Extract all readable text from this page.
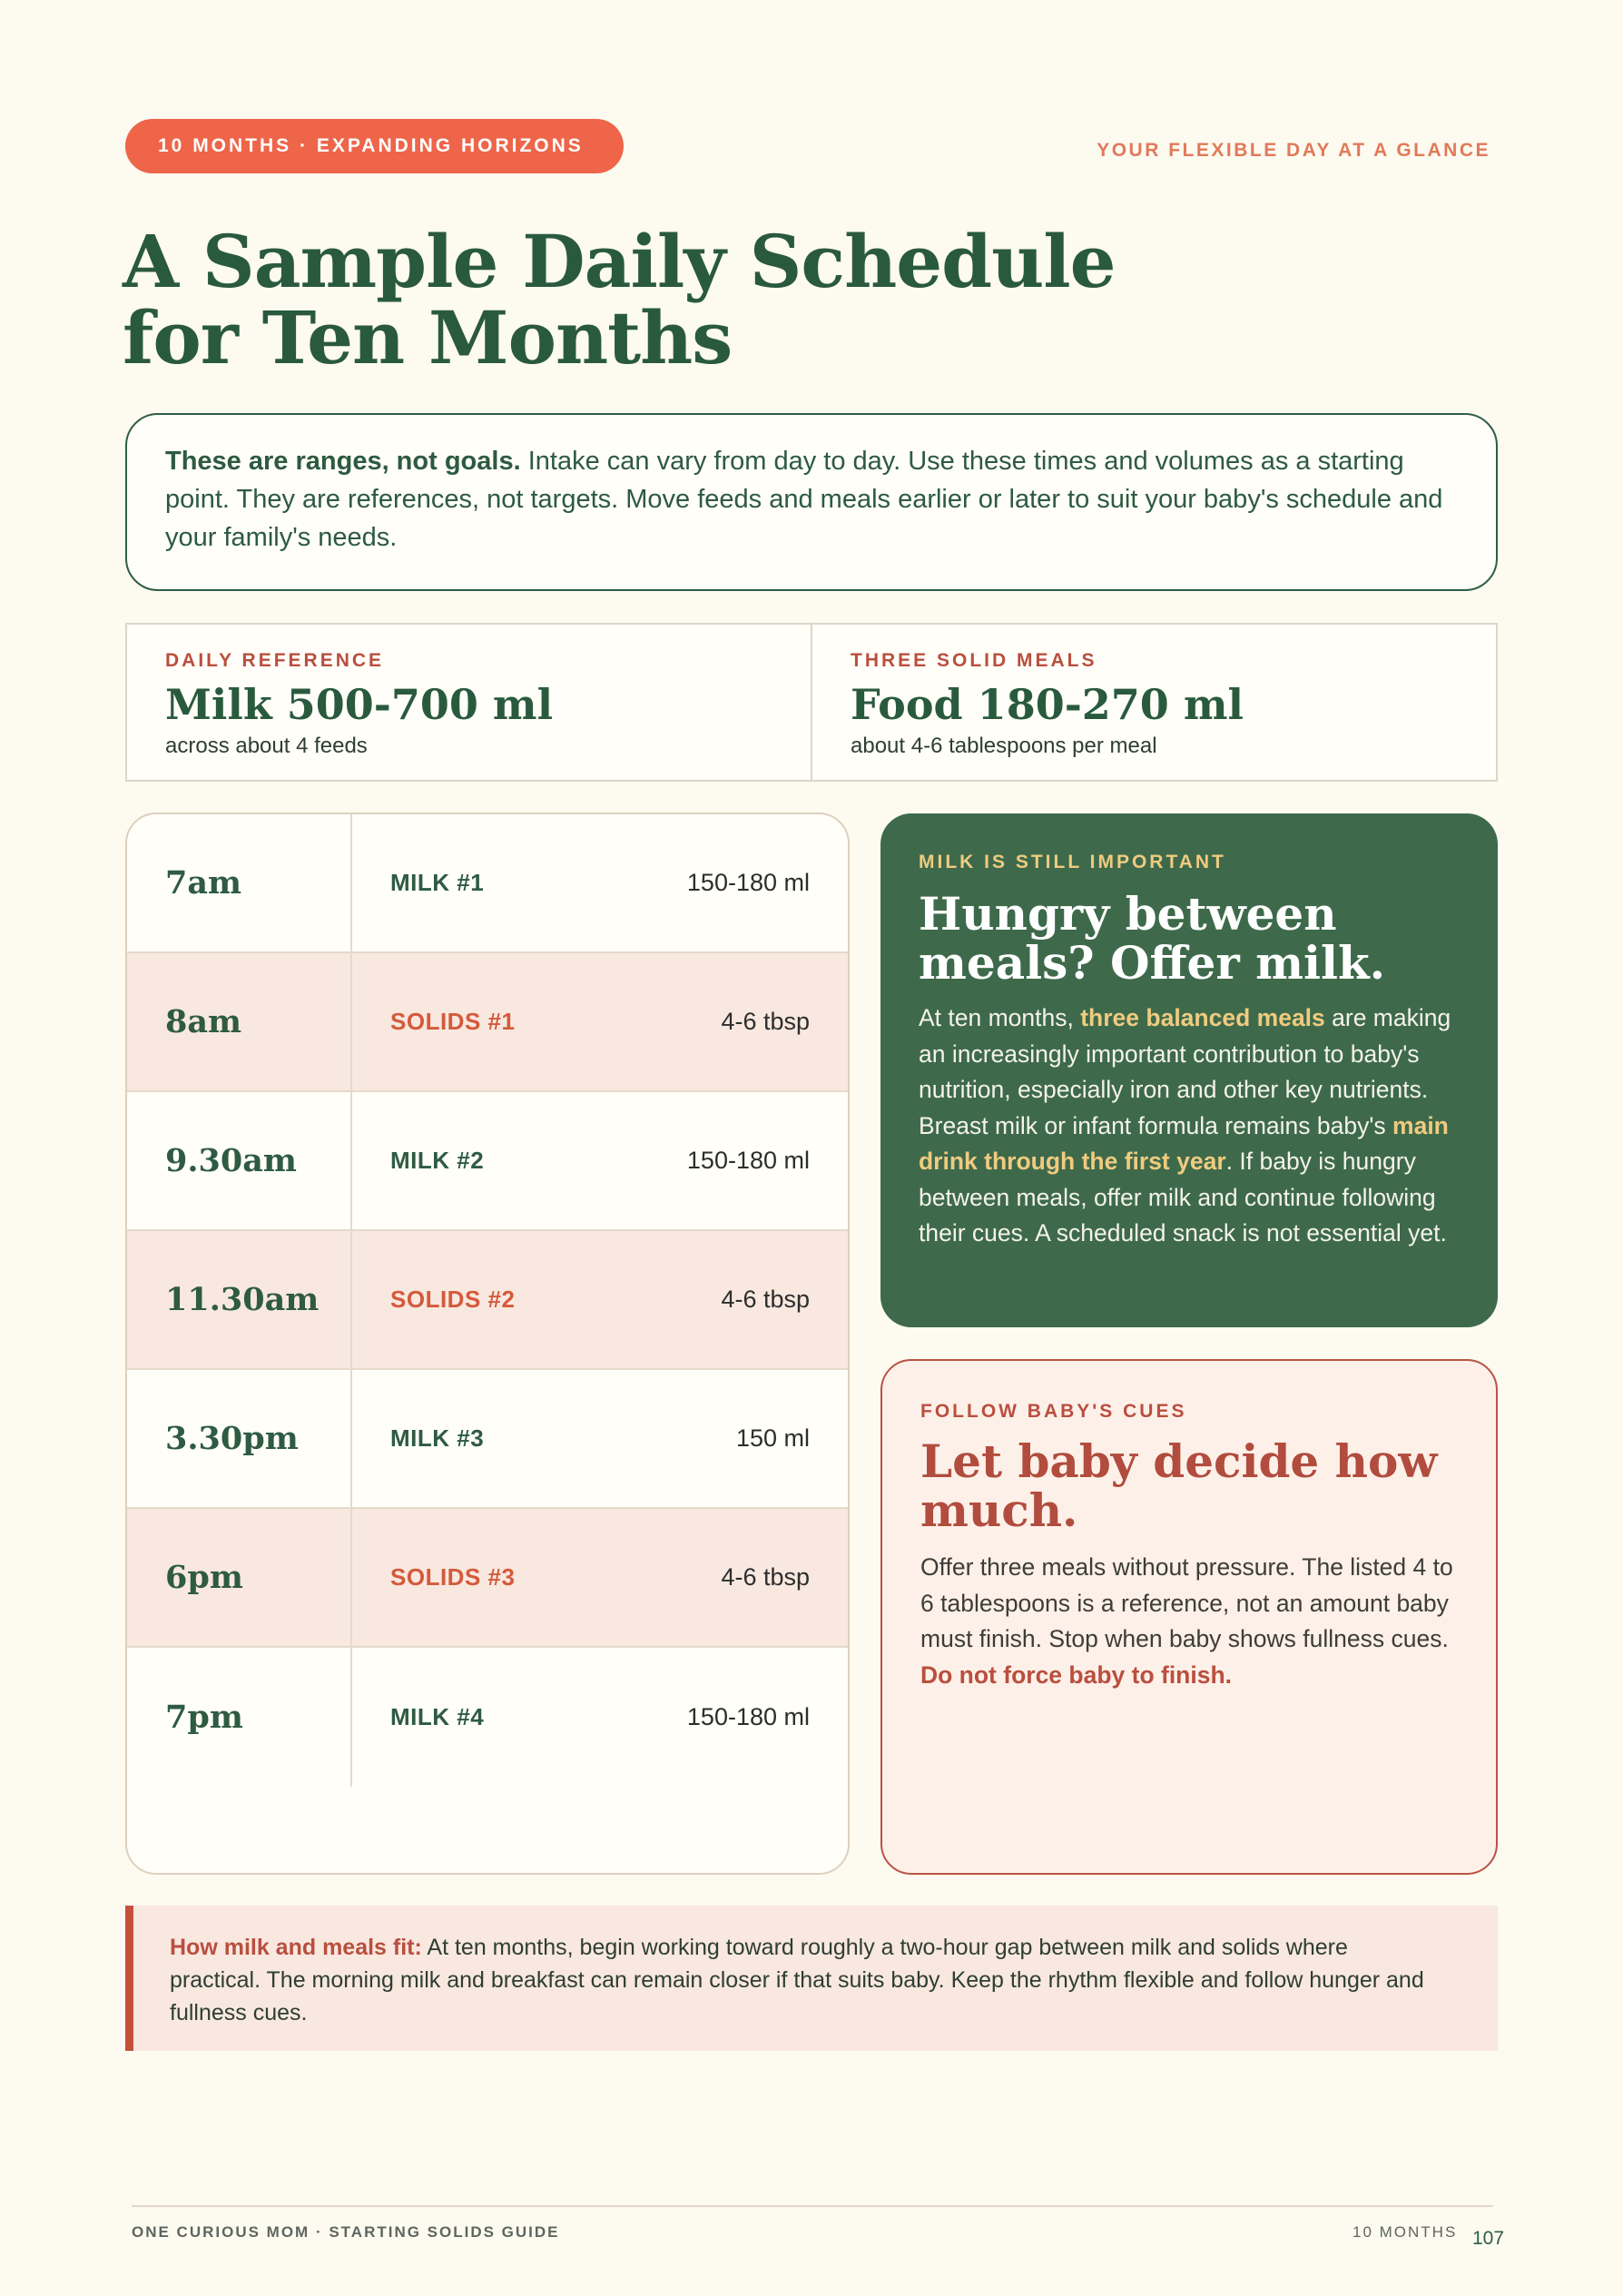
10 MONTHS · EXPANDING HORIZONS	YOUR FLEXIBLE DAY AT A GLANCE
A Sample Daily Schedule
for Ten Months
These are ranges, not goals. Intake can vary from day to day. Use these times and volumes as a starting point. They are references, not targets. Move feeds and meals earlier or later to suit your baby's schedule and your family's needs.
DAILY REFERENCE
Milk 500-700 ml
across about 4 feeds
THREE SOLID MEALS
Food 180-270 ml
about 4-6 tablespoons per meal
7am	MILK #1	150-180 ml
8am	SOLIDS #1	4-6 tbsp
9.30am	MILK #2	150-180 ml
11.30am	SOLIDS #2	4-6 tbsp
3.30pm	MILK #3	150 ml
6pm	SOLIDS #3	4-6 tbsp
7pm	MILK #4	150-180 ml
MILK IS STILL IMPORTANT
Hungry between meals? Offer milk.

At ten months, three balanced meals are making an increasingly important contribution to baby's nutrition, especially iron and other key nutrients. Breast milk or infant formula remains baby's main drink through the first year. If baby is hungry between meals, offer milk and continue following their cues. A scheduled snack is not essential yet.

FOLLOW BABY'S CUES
Let baby decide how much.

Offer three meals without pressure. The listed 4 to 6 tablespoons is a reference, not an amount baby must finish. Stop when baby shows fullness cues. Do not force baby to finish.

How milk and meals fit: At ten months, begin working toward roughly a two-hour gap between milk and solids where practical. The morning milk and breakfast can remain closer if that suits baby. Keep the rhythm flexible and follow hunger and fullness cues.
ONE CURIOUS MOM · STARTING SOLIDS GUIDE	10 MONTHS 107
